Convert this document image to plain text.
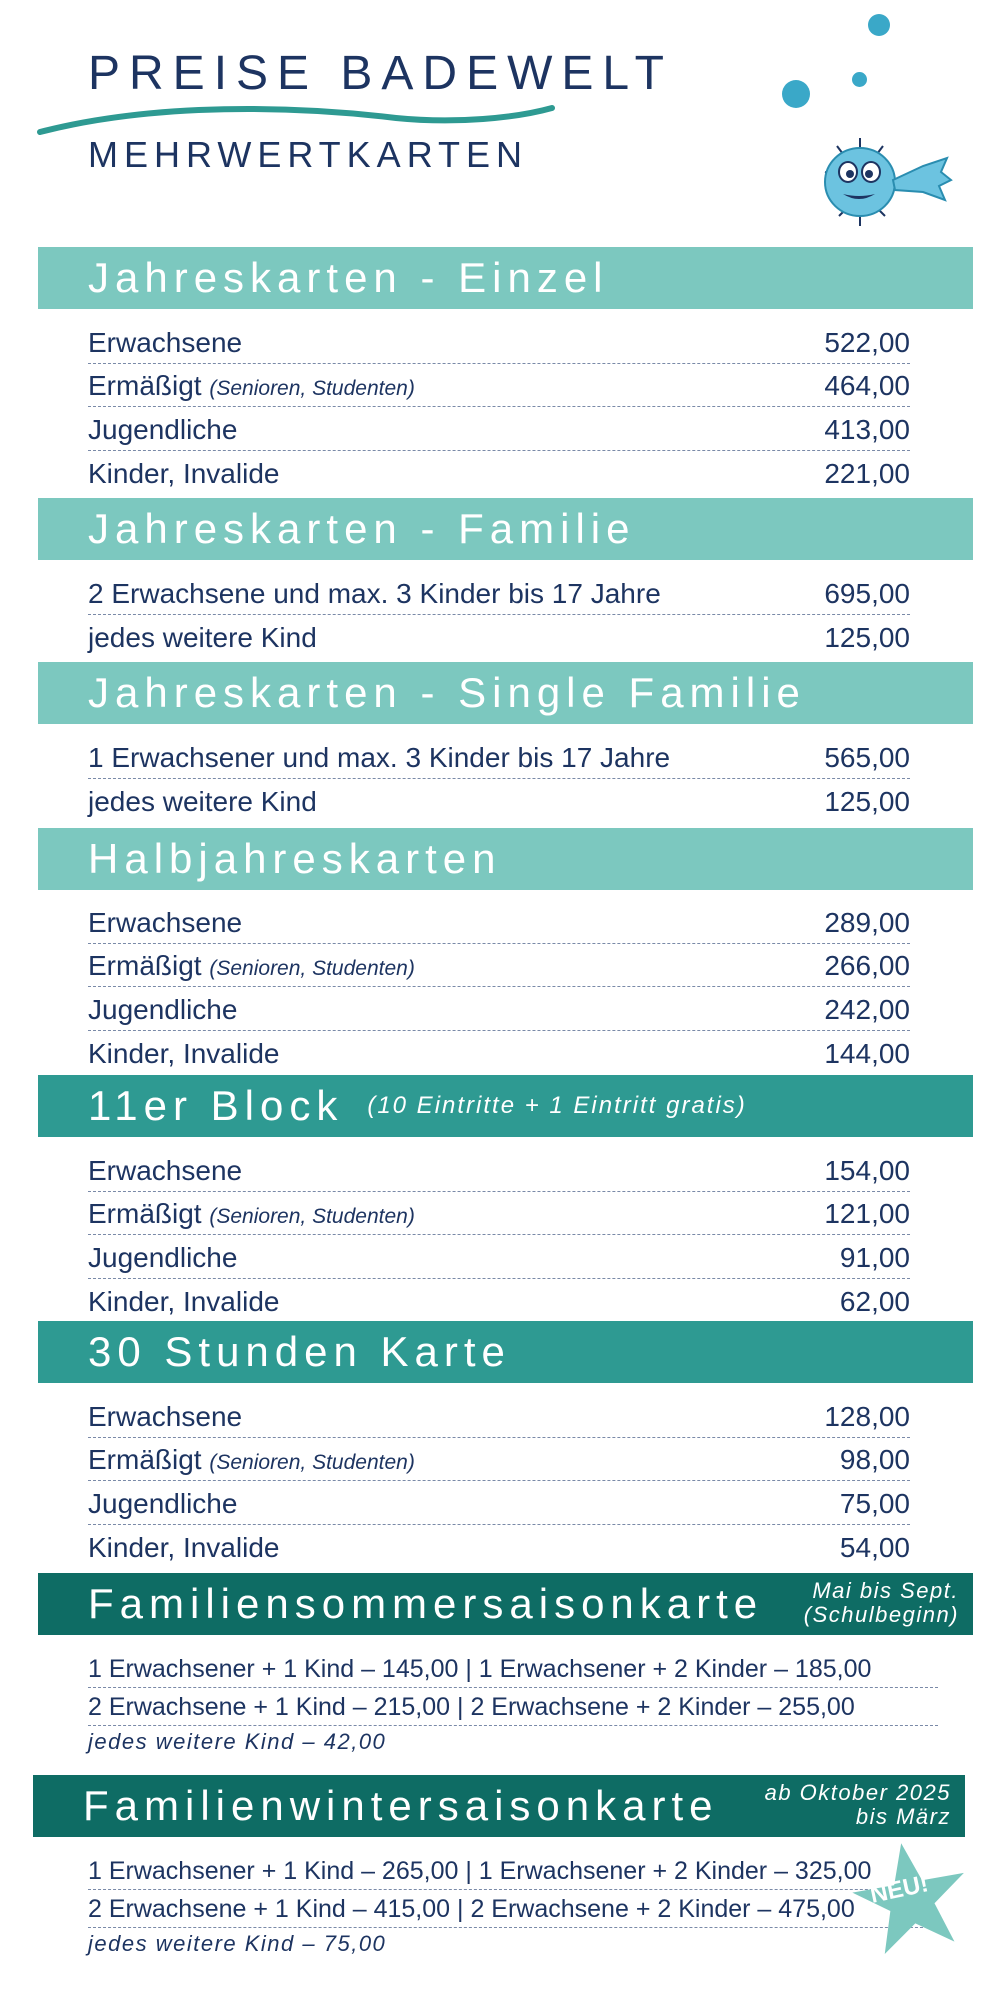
PREISE BADEWELT
MEHRWERTKARTEN
Jahreskarten - Einzel
Erwachsene	522,00
Ermäßigt (Senioren, Studenten)	464,00
Jugendliche	413,00
Kinder, Invalide	221,00
Jahreskarten - Familie
2 Erwachsene und max. 3 Kinder bis 17 Jahre	695,00
jedes weitere Kind	125,00
Jahreskarten - Single Familie
1 Erwachsener und max. 3 Kinder bis 17 Jahre	565,00
jedes weitere Kind	125,00
Halbjahreskarten
Erwachsene	289,00
Ermäßigt (Senioren, Studenten)	266,00
Jugendliche	242,00
Kinder, Invalide	144,00
11er Block (10 Eintritte + 1 Eintritt gratis)
Erwachsene	154,00
Ermäßigt (Senioren, Studenten)	121,00
Jugendliche	91,00
Kinder, Invalide	62,00
30 Stunden Karte
Erwachsene	128,00
Ermäßigt (Senioren, Studenten)	98,00
Jugendliche	75,00
Kinder, Invalide	54,00
Familiensommersaisonkarte	Mai bis Sept.
(Schulbeginn)
1 Erwachsener + 1 Kind – 145,00 | 1 Erwachsener + 2 Kinder – 185,00
2 Erwachsene + 1 Kind – 215,00 | 2 Erwachsene + 2 Kinder – 255,00
jedes weitere Kind – 42,00
Familienwintersaisonkarte ab Oktober 2025
bis März
1 Erwachsener + 1 Kind – 265,00 | 1 Erwachsener + 2 Kinder – 325,00
2 Erwachsene + 1 Kind – 415,00 | 2 Erwachsene + 2 Kinder – 475,00
jedes weitere Kind – 75,00
NEU!
